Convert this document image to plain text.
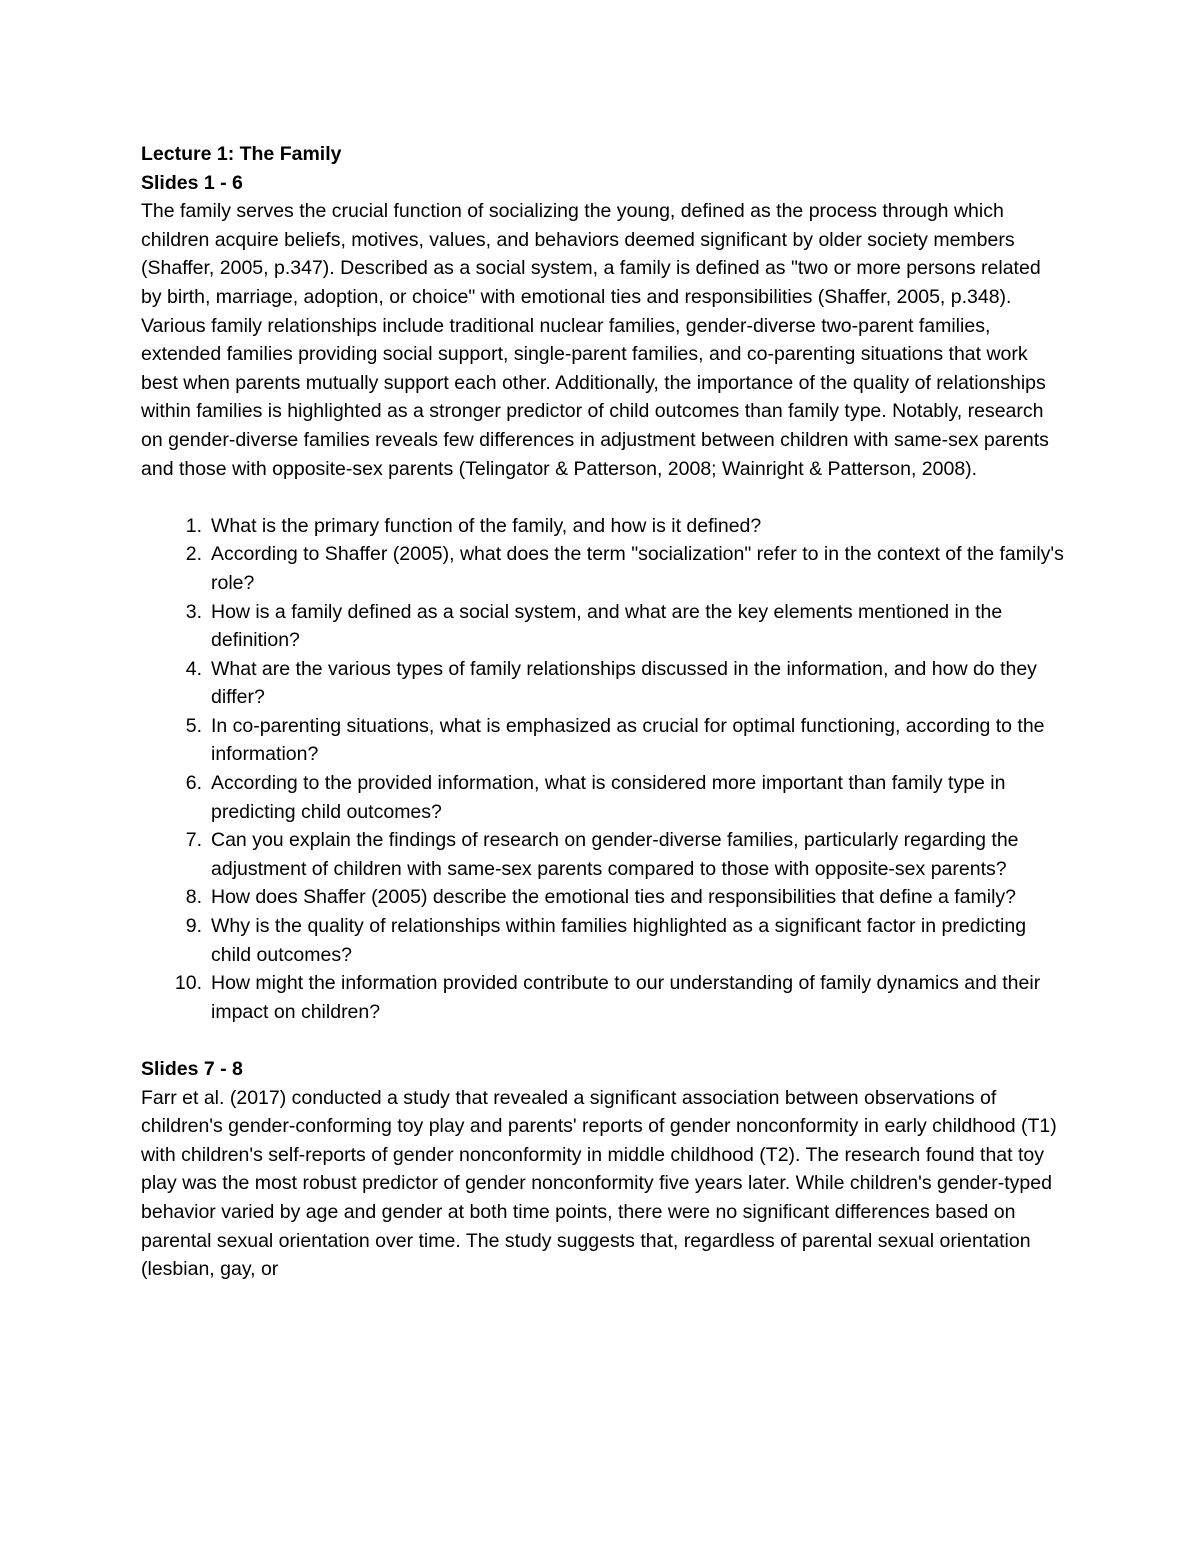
Lecture 1: The Family

Slides 1 - 6

The family serves the crucial function of socializing the young, defined as the process through which children acquire beliefs, motives, values, and behaviors deemed significant by older society members (Shaffer, 2005, p.347). Described as a social system, a family is defined as "two or more persons related by birth, marriage, adoption, or choice" with emotional ties and responsibilities (Shaffer, 2005, p.348). Various family relationships include traditional nuclear families, gender-diverse two-parent families, extended families providing social support, single-parent families, and co-parenting situations that work best when parents mutually support each other. Additionally, the importance of the quality of relationships within families is highlighted as a stronger predictor of child outcomes than family type. Notably, research on gender-diverse families reveals few differences in adjustment between children with same-sex parents and those with opposite-sex parents (Telingator & Patterson, 2008; Wainright & Patterson, 2008).

1. What is the primary function of the family, and how is it defined?
2. According to Shaffer (2005), what does the term "socialization" refer to in the context of the family's role?
3. How is a family defined as a social system, and what are the key elements mentioned in the definition?
4. What are the various types of family relationships discussed in the information, and how do they differ?
5. In co-parenting situations, what is emphasized as crucial for optimal functioning, according to the information?
6. According to the provided information, what is considered more important than family type in predicting child outcomes?
7. Can you explain the findings of research on gender-diverse families, particularly regarding the adjustment of children with same-sex parents compared to those with opposite-sex parents?
8. How does Shaffer (2005) describe the emotional ties and responsibilities that define a family?
9. Why is the quality of relationships within families highlighted as a significant factor in predicting child outcomes?
10. How might the information provided contribute to our understanding of family dynamics and their impact on children?

Slides 7 - 8

Farr et al. (2017) conducted a study that revealed a significant association between observations of children's gender-conforming toy play and parents' reports of gender nonconformity in early childhood (T1) with children's self-reports of gender nonconformity in middle childhood (T2). The research found that toy play was the most robust predictor of gender nonconformity five years later. While children's gender-typed behavior varied by age and gender at both time points, there were no significant differences based on parental sexual orientation over time. The study suggests that, regardless of parental sexual orientation (lesbian, gay, or
